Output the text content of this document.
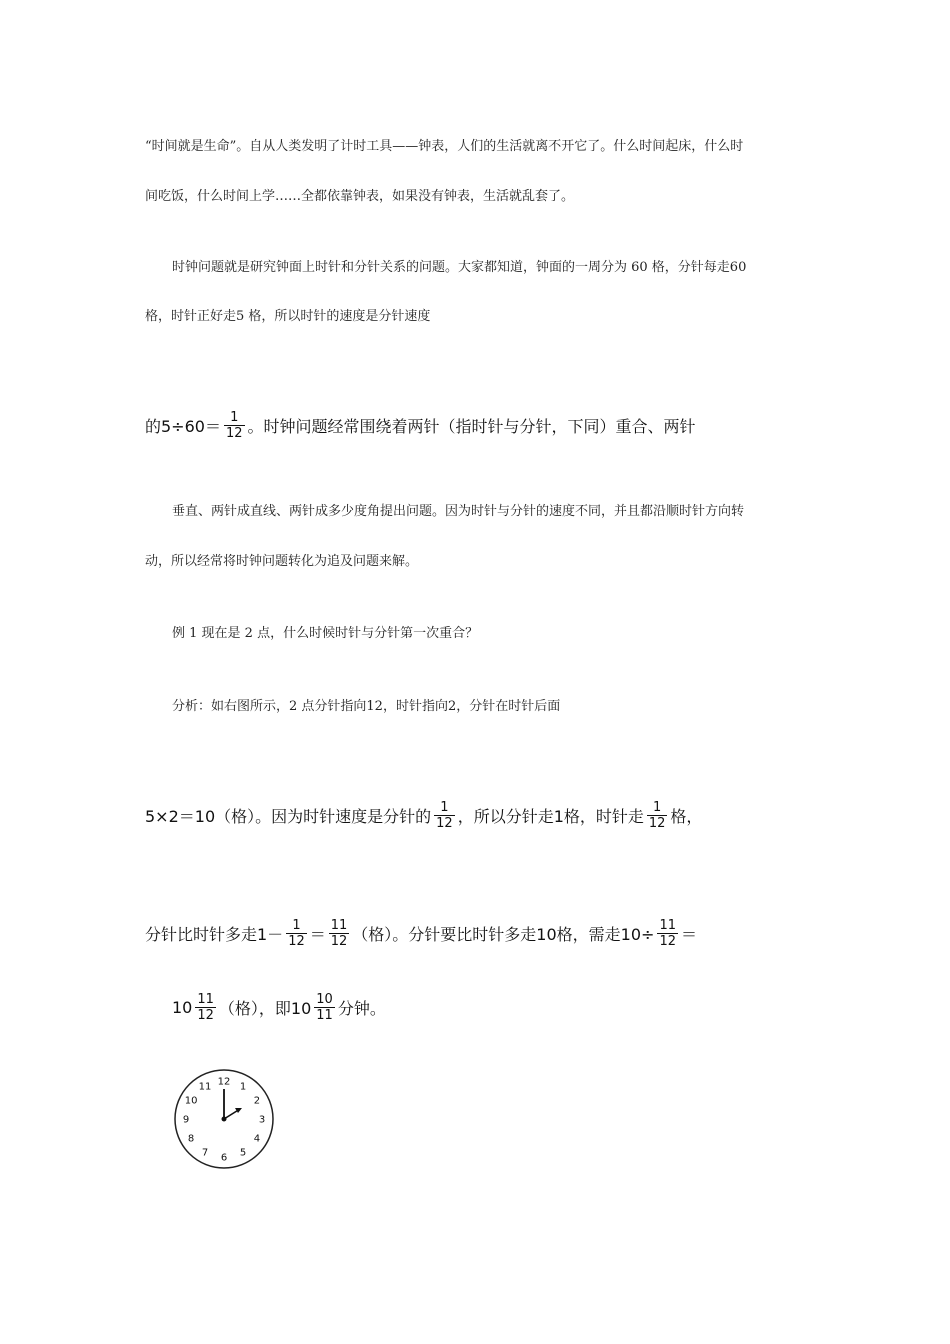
“时间就是生命”。自从人类发明了计时工具——钟表，人们的生活就离不开它了。什么时间起床，什么时
间吃饭，什么时间上学……全都依靠钟表，如果没有钟表，生活就乱套了。
时钟问题就是研究钟面上时针和分针关系的问题。大家都知道，钟面的一周分为 60 格，分针每走60
格，时针正好走5 格，所以时针的速度是分针速度
的$5\div 60= \frac{1}{12}$ 。时钟问题经常围绕着两针（指时针与分针，下同）重合、两针
垂直、两针成直线、两针成多少度角提出问题。因为时针与分针的速度不同，并且都沿顺时针方向转
动，所以经常将时钟问题转化为追及问题来解。
例 1 现在是 2 点，什么时候时针与分针第一次重合？
分析：如右图所示，2 点分针指向12，时针指向2，分针在时针后面
5×2＝10（格）。因为时针速度是分针的 $\frac{1}{12}$ ，所以分针走1格，时针走 $\frac{1}{12}$ 格，
分针比时针多走$1- \frac{1}{12} = \frac{11}{12}$ （格）。分针要比时针多走10格，需走$10\div \frac{11}{12}$ ＝
$10 \frac{11}{12}$ （格），即$10 \frac{10}{11}$ 分钟。
12 1
2
3
4
5
6
7
8
9
10
11
